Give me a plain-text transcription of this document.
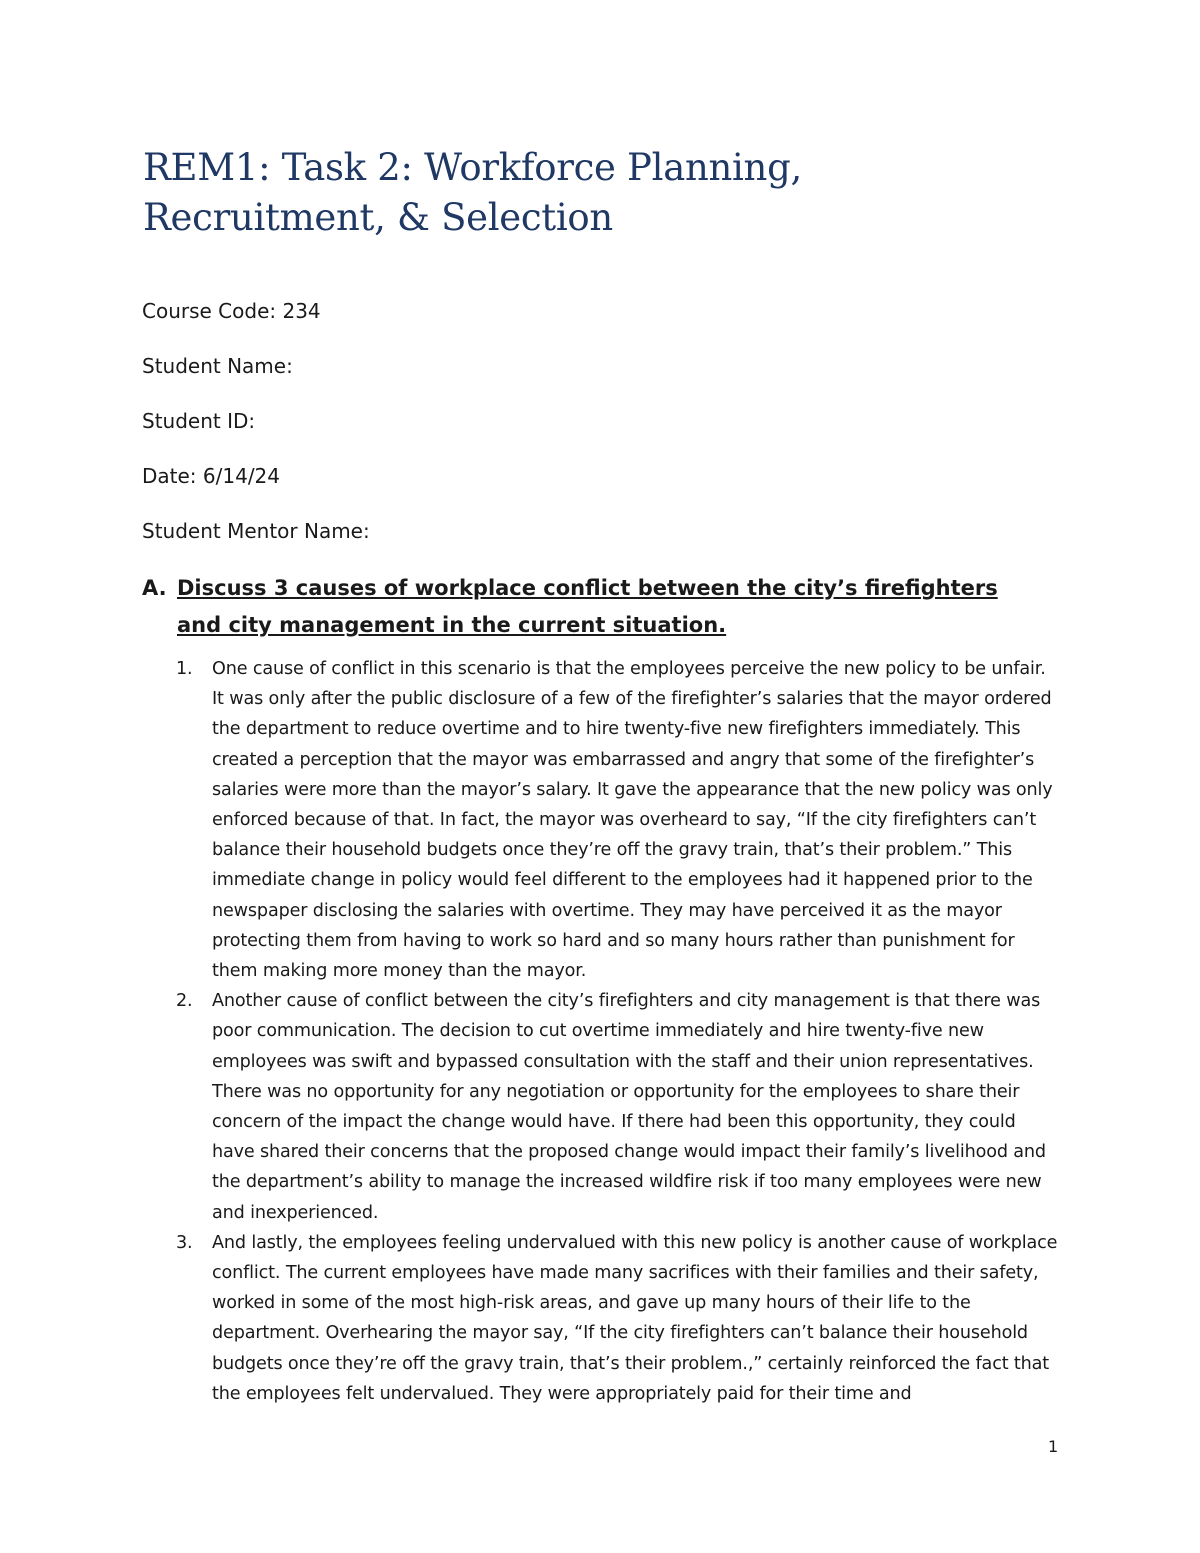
REM1: Task 2: Workforce Planning, Recruitment, & Selection
Course Code: 234
Student Name:
Student ID:
Date: 6/14/24
Student Mentor Name:
A. Discuss 3 causes of workplace conflict between the city’s firefighters and city management in the current situation.
1. One cause of conflict in this scenario is that the employees perceive the new policy to be unfair. It was only after the public disclosure of a few of the firefighter’s salaries that the mayor ordered the department to reduce overtime and to hire twenty-five new firefighters immediately. This created a perception that the mayor was embarrassed and angry that some of the firefighter’s salaries were more than the mayor’s salary. It gave the appearance that the new policy was only enforced because of that. In fact, the mayor was overheard to say, “If the city firefighters can’t balance their household budgets once they’re off the gravy train, that’s their problem.” This immediate change in policy would feel different to the employees had it happened prior to the newspaper disclosing the salaries with overtime. They may have perceived it as the mayor protecting them from having to work so hard and so many hours rather than punishment for them making more money than the mayor.
2. Another cause of conflict between the city’s firefighters and city management is that there was poor communication. The decision to cut overtime immediately and hire twenty-five new employees was swift and bypassed consultation with the staff and their union representatives. There was no opportunity for any negotiation or opportunity for the employees to share their concern of the impact the change would have. If there had been this opportunity, they could have shared their concerns that the proposed change would impact their family’s livelihood and the department’s ability to manage the increased wildfire risk if too many employees were new and inexperienced.
3. And lastly, the employees feeling undervalued with this new policy is another cause of workplace conflict. The current employees have made many sacrifices with their families and their safety, worked in some of the most high-risk areas, and gave up many hours of their life to the department. Overhearing the mayor say, “If the city firefighters can’t balance their household budgets once they’re off the gravy train, that’s their problem.,” certainly reinforced the fact that the employees felt undervalued. They were appropriately paid for their time and
1
